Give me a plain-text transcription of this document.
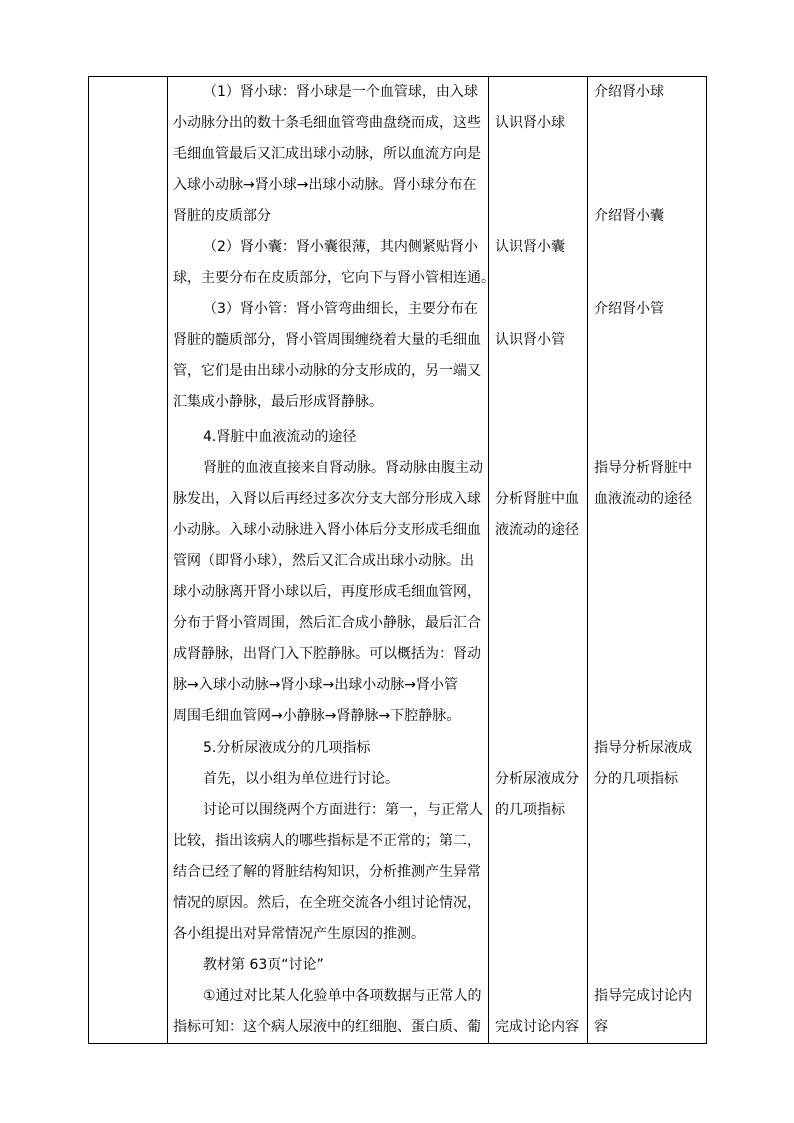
（1）肾小球：肾小球是一个血管球，由入球
小动脉分出的数十条毛细血管弯曲盘绕而成，这些
毛细血管最后又汇成出球小动脉，所以血流方向是
入球小动脉→肾小球→出球小动脉。肾小球分布在
肾脏的皮质部分
（2）肾小囊：肾小囊很薄，其内侧紧贴肾小
球，主要分布在皮质部分，它向下与肾小管相连通。
（3）肾小管：肾小管弯曲细长，主要分布在
肾脏的髓质部分，肾小管周围缠绕着大量的毛细血
管，它们是由出球小动脉的分支形成的，另一端又
汇集成小静脉，最后形成肾静脉。
4.肾脏中血液流动的途径
肾脏的血液直接来自肾动脉。肾动脉由腹主动
脉发出，入肾以后再经过多次分支大部分形成入球
小动脉。入球小动脉进入肾小体后分支形成毛细血
管网（即肾小球），然后又汇合成出球小动脉。出
球小动脉离开肾小球以后，再度形成毛细血管网，
分布于肾小管周围，然后汇合成小静脉，最后汇合
成肾静脉，出肾门入下腔静脉。可以概括为：肾动
脉→入球小动脉→肾小球→出球小动脉→肾小管
周围毛细血管网→小静脉→肾静脉→下腔静脉。
5.分析尿液成分的几项指标
首先，以小组为单位进行讨论。
讨论可以围绕两个方面进行：第一，与正常人
比较，指出该病人的哪些指标是不正常的；第二，
结合已经了解的肾脏结构知识，分析推测产生异常
情况的原因。然后，在全班交流各小组讨论情况，
各小组提出对异常情况产生原因的推测。
教材第 63页“讨论”
①通过对比某人化验单中各项数据与正常人的
指标可知：这个病人尿液中的红细胞、蛋白质、葡
认识肾小球
认识肾小囊
认识肾小管
分析肾脏中血
液流动的途径
分析尿液成分
的几项指标
完成讨论内容
介绍肾小球
介绍肾小囊
介绍肾小管
指导分析肾脏中
血液流动的途径
指导分析尿液成
分的几项指标
指导完成讨论内
容
